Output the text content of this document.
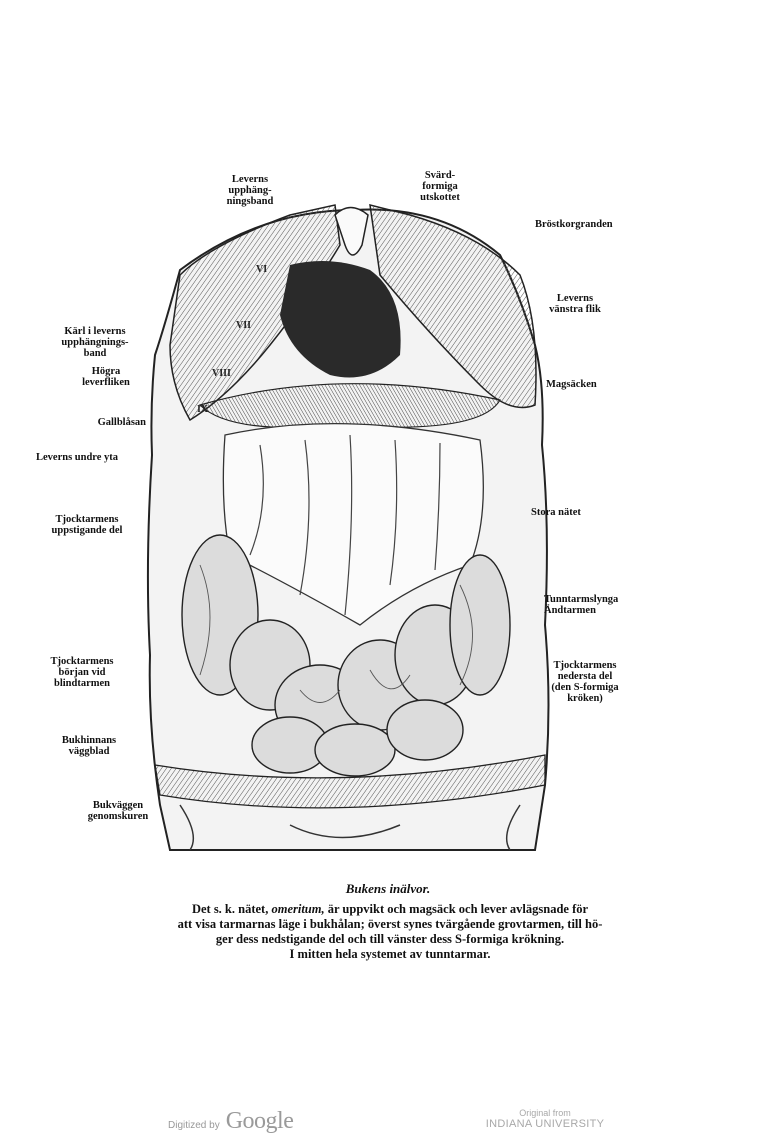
VI
VII
VIII
IX
Leverns
upphäng-
ningsband
Svärd-
formiga
utskottet
Kärl i leverns
upphängnings-
band
Högra
leverfliken
Gallblåsan
Leverns undre yta
Tjocktarmens
uppstigande del
Tjocktarmens
början vid
blindtarmen
Bukhinnans
väggblad
Bukväggen
genomskuren
Bröstkorgranden
Leverns
vänstra flik
Magsäcken
Stora nätet
Tunntarmslynga
Ändtarmen
Tjocktarmens
nedersta del
(den S-formiga
kröken)
Bukens inälvor.
Det s. k. nätet, omeritum, är uppvikt och magsäck och lever avlägsnade för
att visa tarmarnas läge i bukhålan; överst synes tvärgående grovtarmen, till hö-
ger dess nedstigande del och till vänster dess S-formiga krökning.
I mitten hela systemet av tunntarmar.
Digitized by Google	Original from
INDIANA UNIVERSITY
